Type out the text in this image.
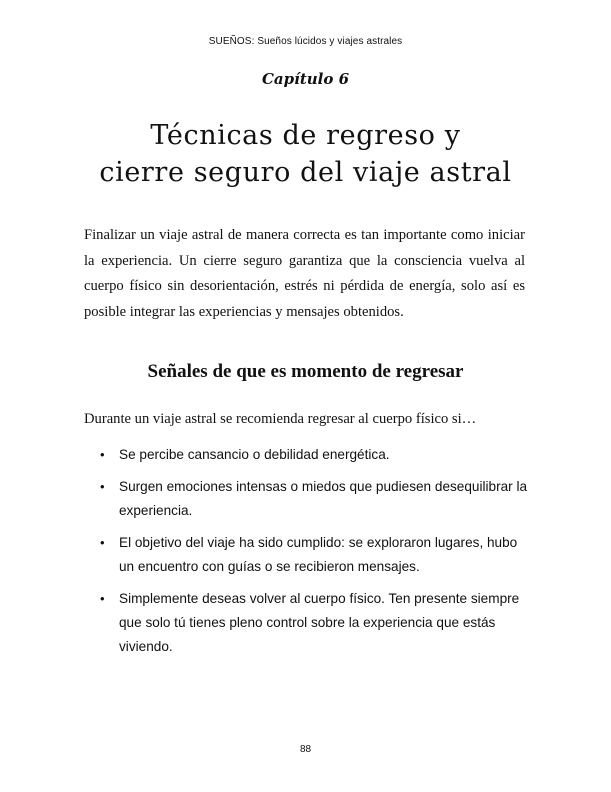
SUEÑOS: Sueños lúcidos y viajes astrales
Capítulo 6
Técnicas de regreso y
cierre seguro del viaje astral

Finalizar un viaje astral de manera correcta es tan importante como iniciar la experiencia. Un cierre seguro garantiza que la consciencia vuelva al cuerpo físico sin desorientación, estrés ni pérdida de energía, solo así es posible integrar las experiencias y mensajes obtenidos.

Señales de que es momento de regresar

Durante un viaje astral se recomienda regresar al cuerpo físico si…

• Se percibe cansancio o debilidad energética.
• Surgen emociones intensas o miedos que pudiesen desequilibrar la experiencia.
• El objetivo del viaje ha sido cumplido: se exploraron lugares, hubo un encuentro con guías o se recibieron mensajes.
• Simplemente deseas volver al cuerpo físico. Ten presente siempre que solo tú tienes pleno control sobre la experiencia que estás viviendo.
88
